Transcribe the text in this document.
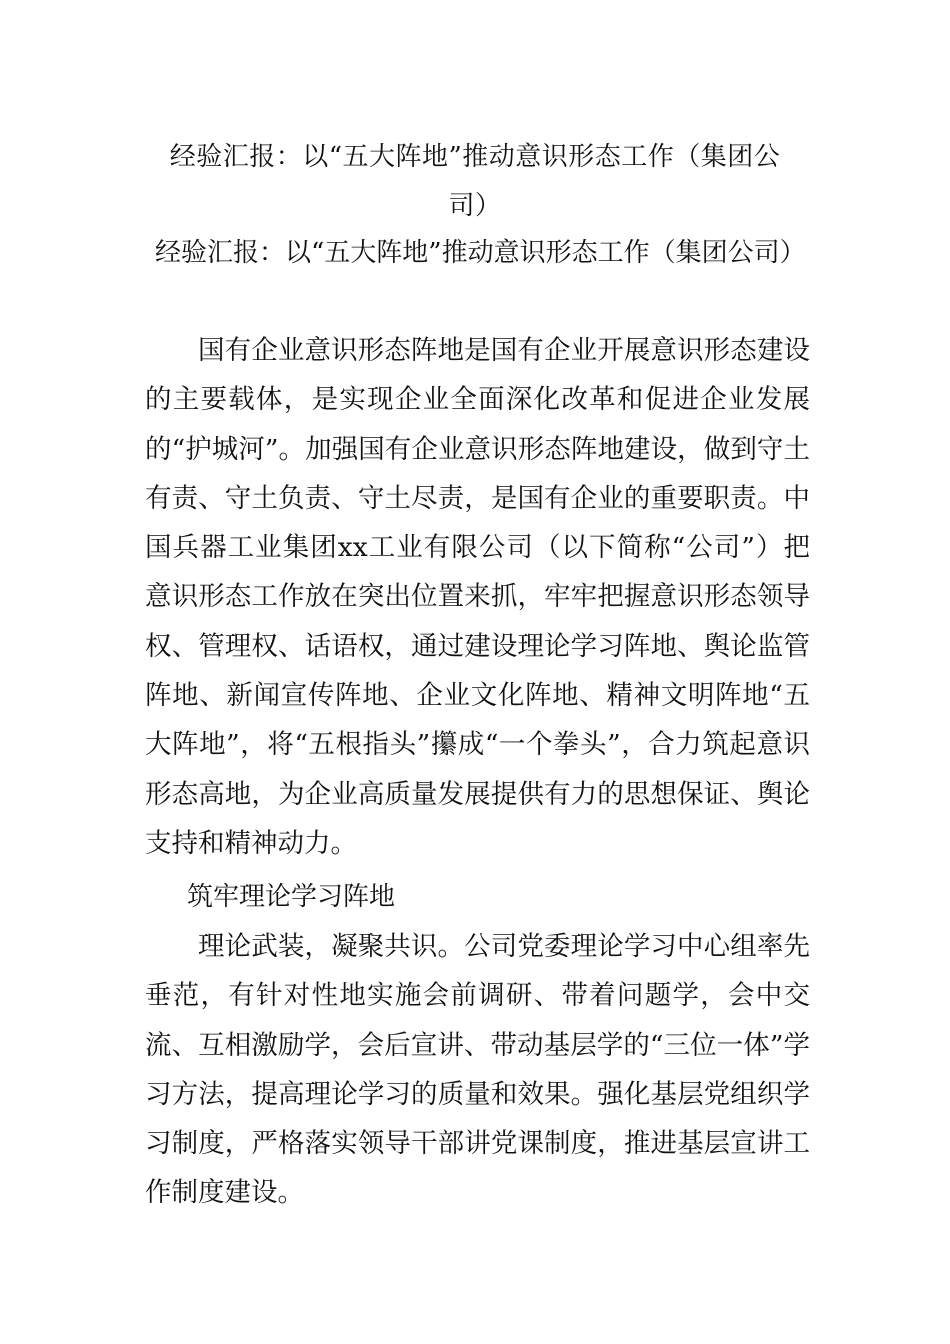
经验汇报：以“五大阵地”推动意识形态工作（集团公司）
经验汇报：以“五大阵地”推动意识形态工作（集团公司）

国有企业意识形态阵地是国有企业开展意识形态建设的主要载体，是实现企业全面深化改革和促进企业发展的“护城河”。加强国有企业意识形态阵地建设，做到守土有责、守土负责、守土尽责，是国有企业的重要职责。中国兵器工业集团xx工业有限公司（以下简称“公司”）把意识形态工作放在突出位置来抓，牢牢把握意识形态领导权、管理权、话语权，通过建设理论学习阵地、舆论监管阵地、新闻宣传阵地、企业文化阵地、精神文明阵地“五大阵地”，将“五根指头”攥成“一个拳头”，合力筑起意识形态高地，为企业高质量发展提供有力的思想保证、舆论支持和精神动力。

筑牢理论学习阵地

理论武装，凝聚共识。公司党委理论学习中心组率先垂范，有针对性地实施会前调研、带着问题学，会中交流、互相激励学，会后宣讲、带动基层学的“三位一体”学习方法，提高理论学习的质量和效果。强化基层党组织学习制度，严格落实领导干部讲党课制度，推进基层宣讲工作制度建设。
